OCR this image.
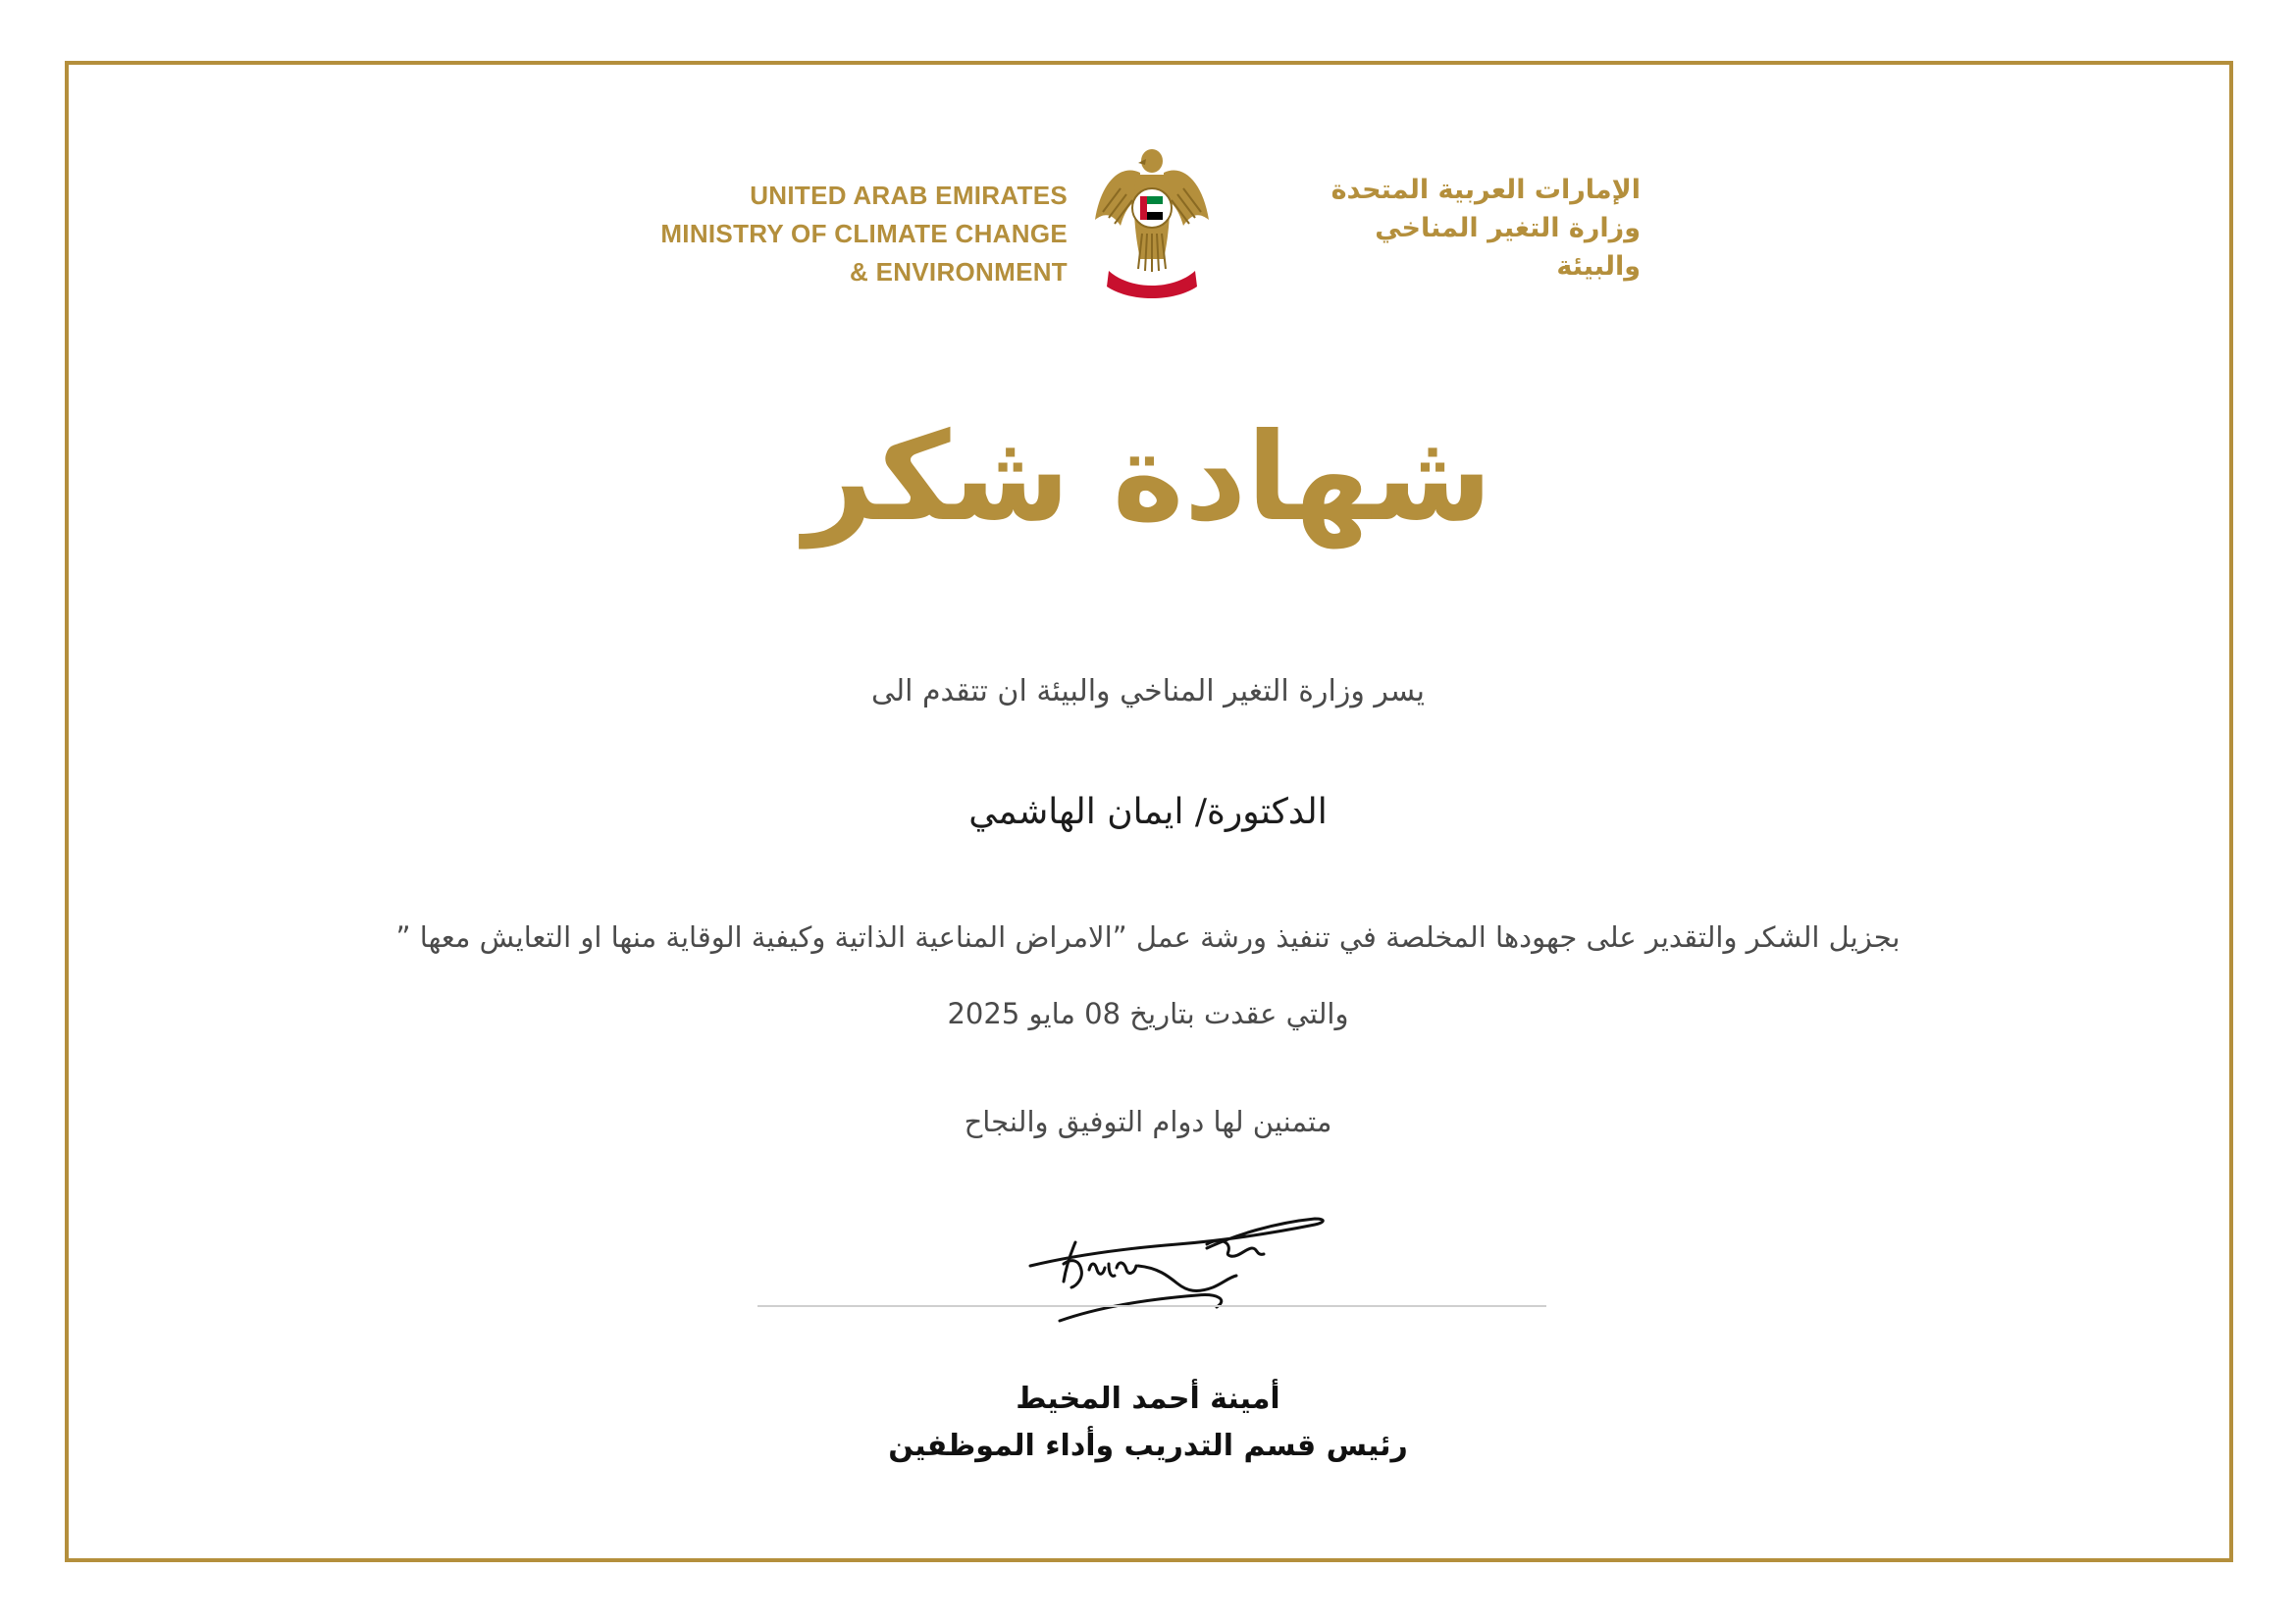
UNITED ARAB EMIRATES
MINISTRY OF CLIMATE CHANGE
& ENVIRONMENT
الإمارات العربية المتحدة
وزارة التغير المناخي
والبيئة
شهادة شكر
يسر وزارة التغير المناخي والبيئة ان تتقدم الى
الدكتورة/ ايمان الهاشمي
بجزيل الشكر والتقدير على جهودها المخلصة في تنفيذ ورشة عمل ”الامراض المناعية الذاتية وكيفية الوقاية منها او التعايش معها ”
والتي عقدت بتاريخ 08 مايو 2025
متمنين لها دوام التوفيق والنجاح
أمينة أحمد المخيط
رئيس قسم التدريب وأداء الموظفين
